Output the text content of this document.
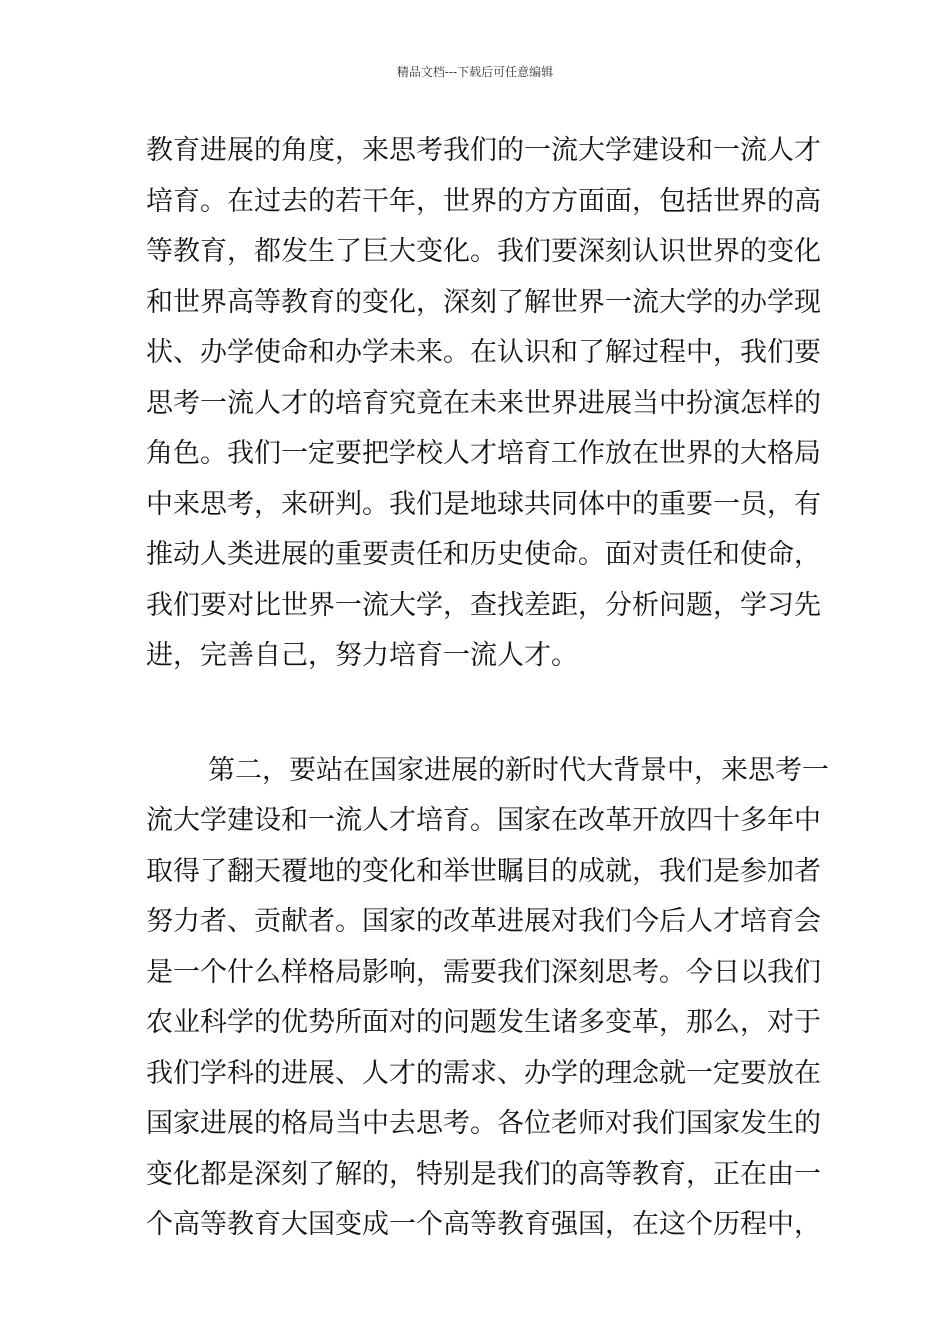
精品文档---下载后可任意编辑
教育进展的角度，来思考我们的一流大学建设和一流人才
培育。在过去的若干年，世界的方方面面，包括世界的高
等教育，都发生了巨大变化。我们要深刻认识世界的变化
和世界高等教育的变化，深刻了解世界一流大学的办学现
状、办学使命和办学未来。在认识和了解过程中，我们要
思考一流人才的培育究竟在未来世界进展当中扮演怎样的
角色。我们一定要把学校人才培育工作放在世界的大格局
中来思考，来研判。我们是地球共同体中的重要一员，有
推动人类进展的重要责任和历史使命。面对责任和使命，
我们要对比世界一流大学，查找差距，分析问题，学习先
进，完善自己，努力培育一流人才。
第二，要站在国家进展的新时代大背景中，来思考一
流大学建设和一流人才培育。国家在改革开放四十多年中
取得了翻天覆地的变化和举世瞩目的成就，我们是参加者
努力者、贡献者。国家的改革进展对我们今后人才培育会
是一个什么样格局影响，需要我们深刻思考。今日以我们
农业科学的优势所面对的问题发生诸多变革，那么，对于
我们学科的进展、人才的需求、办学的理念就一定要放在
国家进展的格局当中去思考。各位老师对我们国家发生的
变化都是深刻了解的，特别是我们的高等教育，正在由一
个高等教育大国变成一个高等教育强国，在这个历程中，
